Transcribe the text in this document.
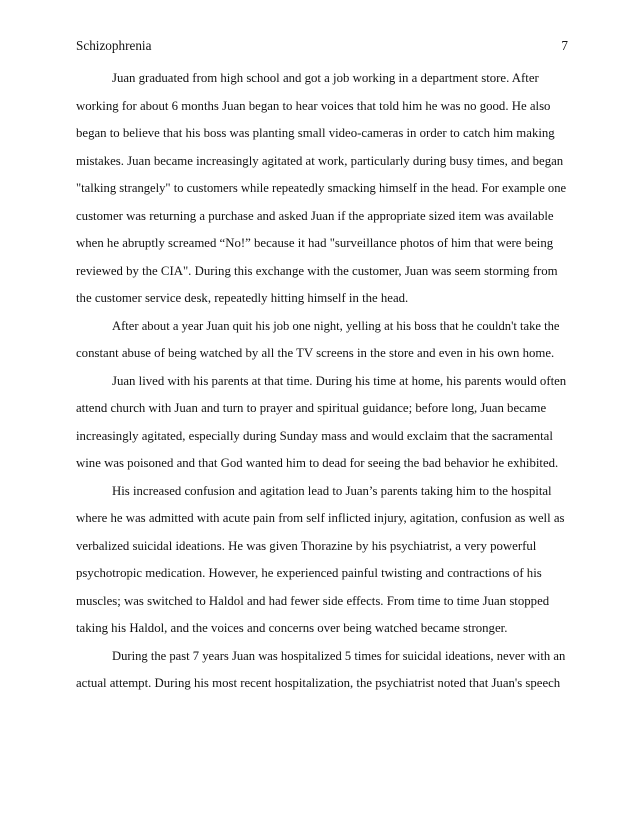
Schizophrenia	7
Juan graduated from high school and got a job working in a department store. After
working for about 6 months Juan began to hear voices that told him he was no good. He also
began to believe that his boss was planting small video-cameras in order to catch him making
mistakes. Juan became increasingly agitated at work, particularly during busy times, and began
"talking strangely" to customers while repeatedly smacking himself in the head. For example one
customer was returning a purchase and asked Juan if the appropriate sized item was available
when he abruptly screamed “No!” because it had "surveillance photos of him that were being
reviewed by the CIA". During this exchange with the customer, Juan was seem storming from
the customer service desk, repeatedly hitting himself in the head.
After about a year Juan quit his job one night, yelling at his boss that he couldn't take the
constant abuse of being watched by all the TV screens in the store and even in his own home.
Juan lived with his parents at that time. During his time at home, his parents would often
attend church with Juan and turn to prayer and spiritual guidance; before long, Juan became
increasingly agitated, especially during Sunday mass and would exclaim that the sacramental
wine was poisoned and that God wanted him to dead for seeing the bad behavior he exhibited.
His increased confusion and agitation lead to Juan’s parents taking him to the hospital
where he was admitted with acute pain from self inflicted injury, agitation, confusion as well as
verbalized suicidal ideations. He was given Thorazine by his psychiatrist, a very powerful
psychotropic medication. However, he experienced painful twisting and contractions of his
muscles; was switched to Haldol and had fewer side effects. From time to time Juan stopped
taking his Haldol, and the voices and concerns over being watched became stronger.
During the past 7 years Juan was hospitalized 5 times for suicidal ideations, never with an
actual attempt. During his most recent hospitalization, the psychiatrist noted that Juan's speech
